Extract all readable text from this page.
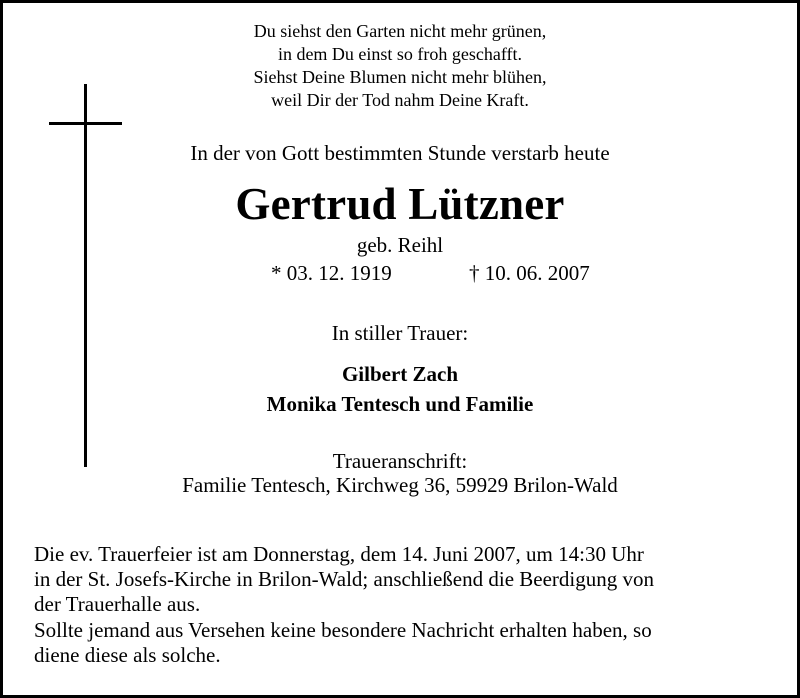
Du siehst den Garten nicht mehr grünen,
in dem Du einst so froh geschafft.
Siehst Deine Blumen nicht mehr blühen,
weil Dir der Tod nahm Deine Kraft.
In der von Gott bestimmten Stunde verstarb heute
Gertrud Lützner
geb. Reihl
* 03. 12. 1919	† 10. 06. 2007
In stiller Trauer:
Gilbert Zach
Monika Tentesch und Familie
Traueranschrift:
Familie Tentesch, Kirchweg 36, 59929 Brilon-Wald
Die ev. Trauerfeier ist am Donnerstag, dem 14. Juni 2007, um 14:30 Uhr
in der St. Josefs-Kirche in Brilon-Wald; anschließend die Beerdigung von
der Trauerhalle aus.
Sollte jemand aus Versehen keine besondere Nachricht erhalten haben, so
diene diese als solche.
